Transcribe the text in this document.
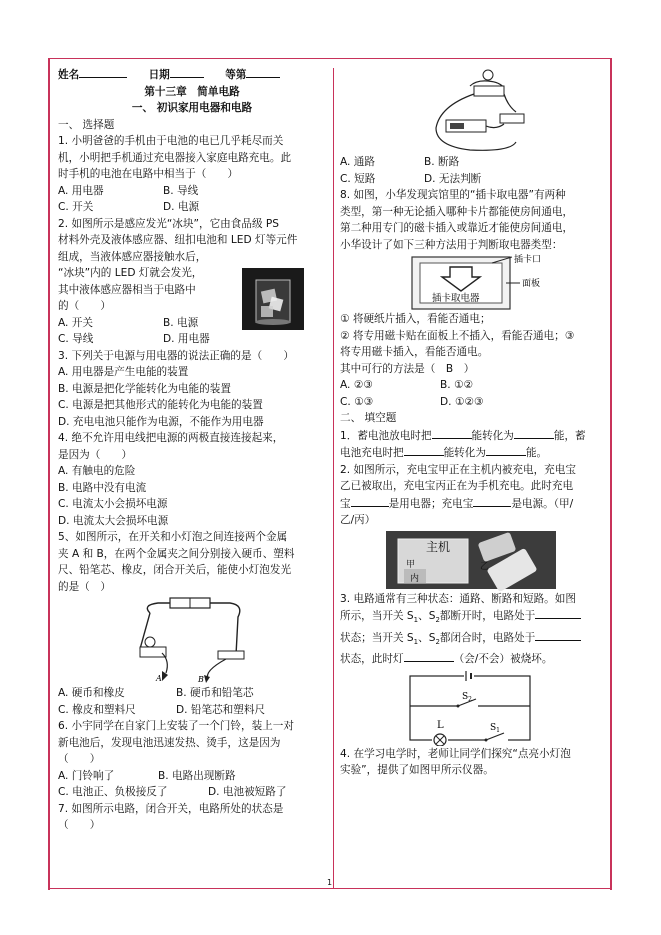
姓名	日期	等第
第十三章　简单电路
一、 初识家用电器和电路
一、 选择题
1. 小明爸爸的手机由于电池的电已几乎耗尽而关
机，小明把手机通过充电器接入家庭电路充电。此
时手机的电池在电路中相当于（　　）
A. 用电器	B. 导线
C. 开关	D. 电源
2. 如图所示是感应发光“冰块”，它由食品级 PS
材料外壳及液体感应器、纽扣电池和 LED 灯等元件
组成，当液体感应器接触水后，
“冰块”内的 LED 灯就会发光，
其中液体感应器相当于电路中
的（　　）
A. 开关	B. 电源
C. 导线	D. 用电器
3. 下列关于电源与用电器的说法正确的是（　　）
A. 用电器是产生电能的装置
B. 电源是把化学能转化为电能的装置
C. 电源是把其他形式的能转化为电能的装置
D. 充电电池只能作为电源，不能作为用电器
4. 绝不允许用电线把电源的两极直接连接起来，
是因为（　　）
A. 有触电的危险
B. 电路中没有电流
C. 电流太小会损坏电源
D. 电流太大会损坏电源
5、如图所示，在开关和小灯泡之间连接两个金属
夹 A 和 B，在两个金属夹之间分别接入硬币、塑料
尺、铅笔芯、橡皮，闭合开关后，能使小灯泡发光
的是（　）
A	B
A. 硬币和橡皮	B. 硬币和铅笔芯
C. 橡皮和塑料尺	D. 铅笔芯和塑料尺
6. 小宇同学在自家门上安装了一个门铃，装上一对
新电池后，发现电池迅速发热、烫手，这是因为
（　　）
A. 门铃响了	B. 电路出现断路
C. 电池正、负极接反了	D. 电池被短路了
7. 如图所示电路，闭合开关，电路所处的状态是
（　　）
A. 通路	B. 断路
C. 短路	D. 无法判断
8. 如图，小华发现宾馆里的“插卡取电器”有两种
类型，第一种无论插入哪种卡片都能使房间通电，
第二种用专门的磁卡插入或靠近才能使房间通电，
小华设计了如下三种方法用于判断取电器类型：
插卡口
面板
插卡取电器
① 将硬纸片插入，看能否通电；
② 将专用磁卡贴在面板上不插入，看能否通电；③
将专用磁卡插入，看能否通电。
其中可行的方法是（　B　）
A. ②③	B. ①②
C. ①③	D. ①②③
二、 填空题
1．蓄电池放电时把	能转化为	能，蓄
电池充电时把	能转化为	能。
2. 如图所示，充电宝甲正在主机内被充电，充电宝
乙已被取出，充电宝丙正在为手机充电。此时充电
宝	是用电器；充电宝	是电源。（甲/
乙/丙）
主机
甲	乙
内
3. 电路通常有三种状态：通路、断路和短路。如图
所示，当开关 $S_1$、$S_2$都断开时，电路处于
状态；当开关 $S_1$、$S_2$都闭合时，电路处于
状态，此时灯	（会/不会）被烧坏。
$S_2$
L	$S_1$
4. 在学习电学时，老师让同学们探究“点亮小灯泡
实验”，提供了如图甲所示仪器。
1
